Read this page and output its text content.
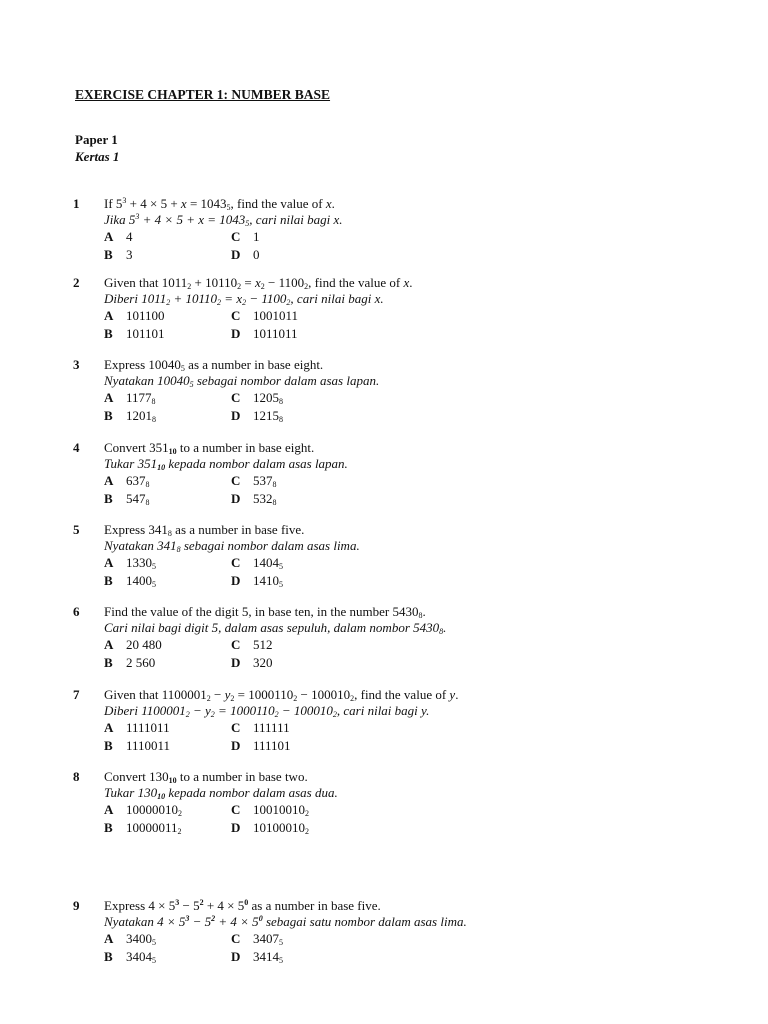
EXERCISE CHAPTER 1: NUMBER BASE
Paper 1
Kertas 1
1 If $5^3 + 4 \times 5 + x = 1043_5$, find the value of x.
Jika $5^3 + 4 \times 5 + x = 1043_5$, cari nilai bagi x.
A 4
B 3
C 1
D 0
2 Given that $1011_2 + 10110_2 = x_2 - 1100_2$, find the value of x.
Diberi $1011_2 + 10110_2 = x_2 - 1100_2$, cari nilai bagi x.
A 101100
B 101101
C 1001011
D 1011011
3 Express $10040_5$ as a number in base eight.
Nyatakan $10040_5$ sebagai nombor dalam asas lapan.
A $1177_8$
B $1201_8$
C $1205_8$
D $1215_8$
4 Convert $351_{10}$ to a number in base eight.
Tukar $351_{10}$ kepada nombor dalam asas lapan.
A $637_8$
B $547_8$
C $537_8$
D $532_8$
5 Express $341_8$ as a number in base five.
Nyatakan $341_8$ sebagai nombor dalam asas lima.
A $1330_5$
B $1400_5$
C $1404_5$
D $1410_5$
6 Find the value of the digit 5, in base ten, in the number $5430_8$.
Cari nilai bagi digit 5, dalam asas sepuluh, dalam nombor $5430_8$.
A 20 480
B 2 560
C 512
D 320
7 Given that $1100001_2 - y_2 = 1000110_2 - 100010_2$, find the value of y.
Diberi $1100001_2 - y_2 = 1000110_2 - 100010_2$, cari nilai bagi y.
A 1111011
B 1110011
C 111111
D 111101
8 Convert $130_{10}$ to a number in base two.
Tukar $130_{10}$ kepada nombor dalam asas dua.
A $10000010_2$
B $10000011_2$
C $10010010_2$
D $10100010_2$
9 Express $4 \times 5^3 - 5^2 + 4 \times 5^0$ as a number in base five.
Nyatakan $4 \times 5^3 - 5^2 + 4 \times 5^0$ sebagai satu nombor dalam asas lima.
A $3400_5$
B $3404_5$
C $3407_5$
D $3414_5$
